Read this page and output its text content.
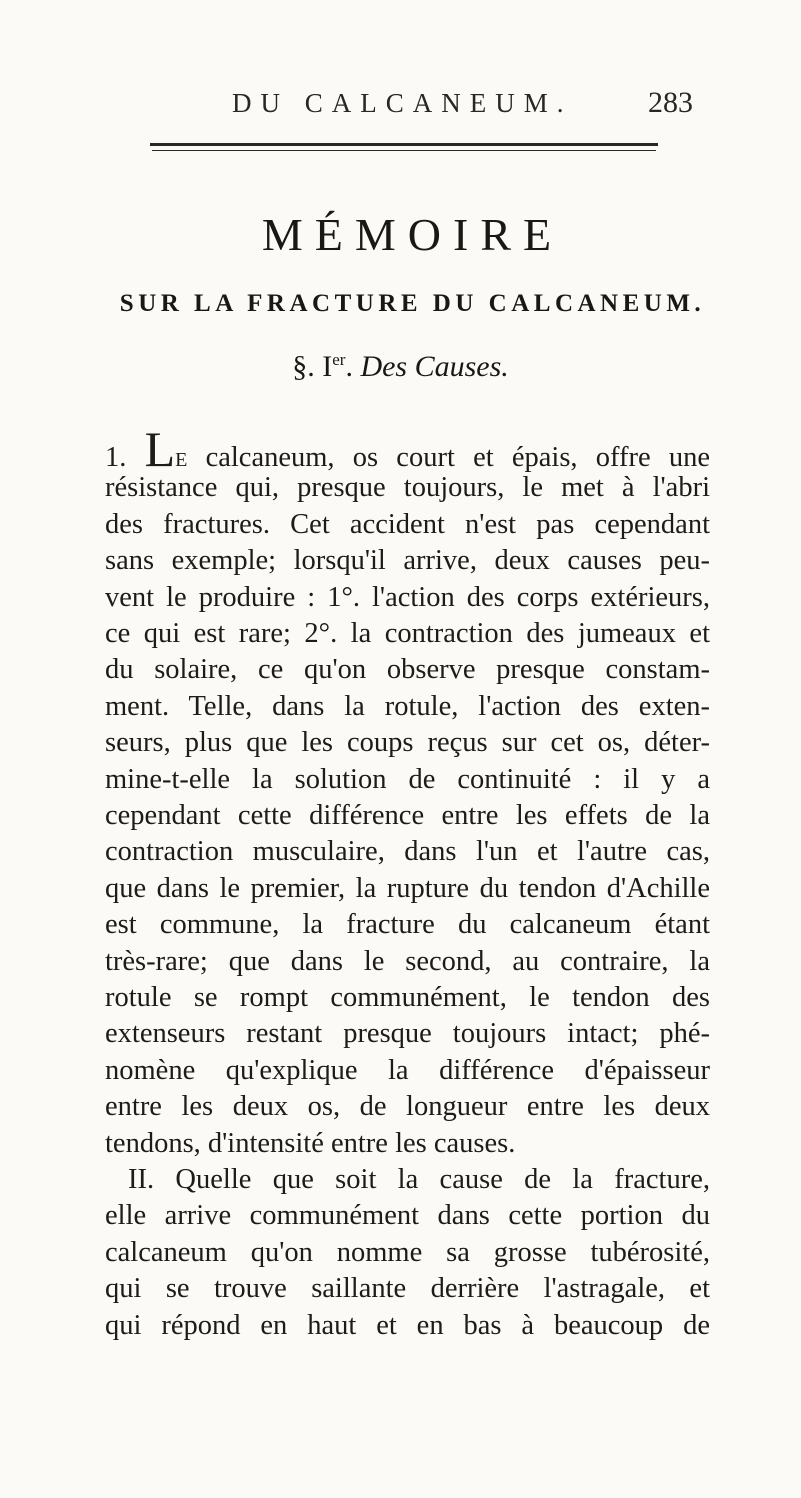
DU CALCANEUM.	283
MÉMOIRE
SUR LA FRACTURE DU CALCANEUM.
§. Ier. Des Causes.
1. Le calcaneum, os court et épais, offre une
résistance qui, presque toujours, le met à l'abri
des fractures. Cet accident n'est pas cependant
sans exemple; lorsqu'il arrive, deux causes peu-
vent le produire : 1°. l'action des corps extérieurs,
ce qui est rare; 2°. la contraction des jumeaux et
du solaire, ce qu'on observe presque constam-
ment. Telle, dans la rotule, l'action des exten-
seurs, plus que les coups reçus sur cet os, déter-
mine-t-elle la solution de continuité : il y a
cependant cette différence entre les effets de la
contraction musculaire, dans l'un et l'autre cas,
que dans le premier, la rupture du tendon d'Achille
est commune, la fracture du calcaneum étant
très-rare; que dans le second, au contraire, la
rotule se rompt communément, le tendon des
extenseurs restant presque toujours intact; phé-
nomène qu'explique la différence d'épaisseur
entre les deux os, de longueur entre les deux
tendons, d'intensité entre les causes.
II. Quelle que soit la cause de la fracture,
elle arrive communément dans cette portion du
calcaneum qu'on nomme sa grosse tubérosité,
qui se trouve saillante derrière l'astragale, et
qui répond en haut et en bas à beaucoup de
